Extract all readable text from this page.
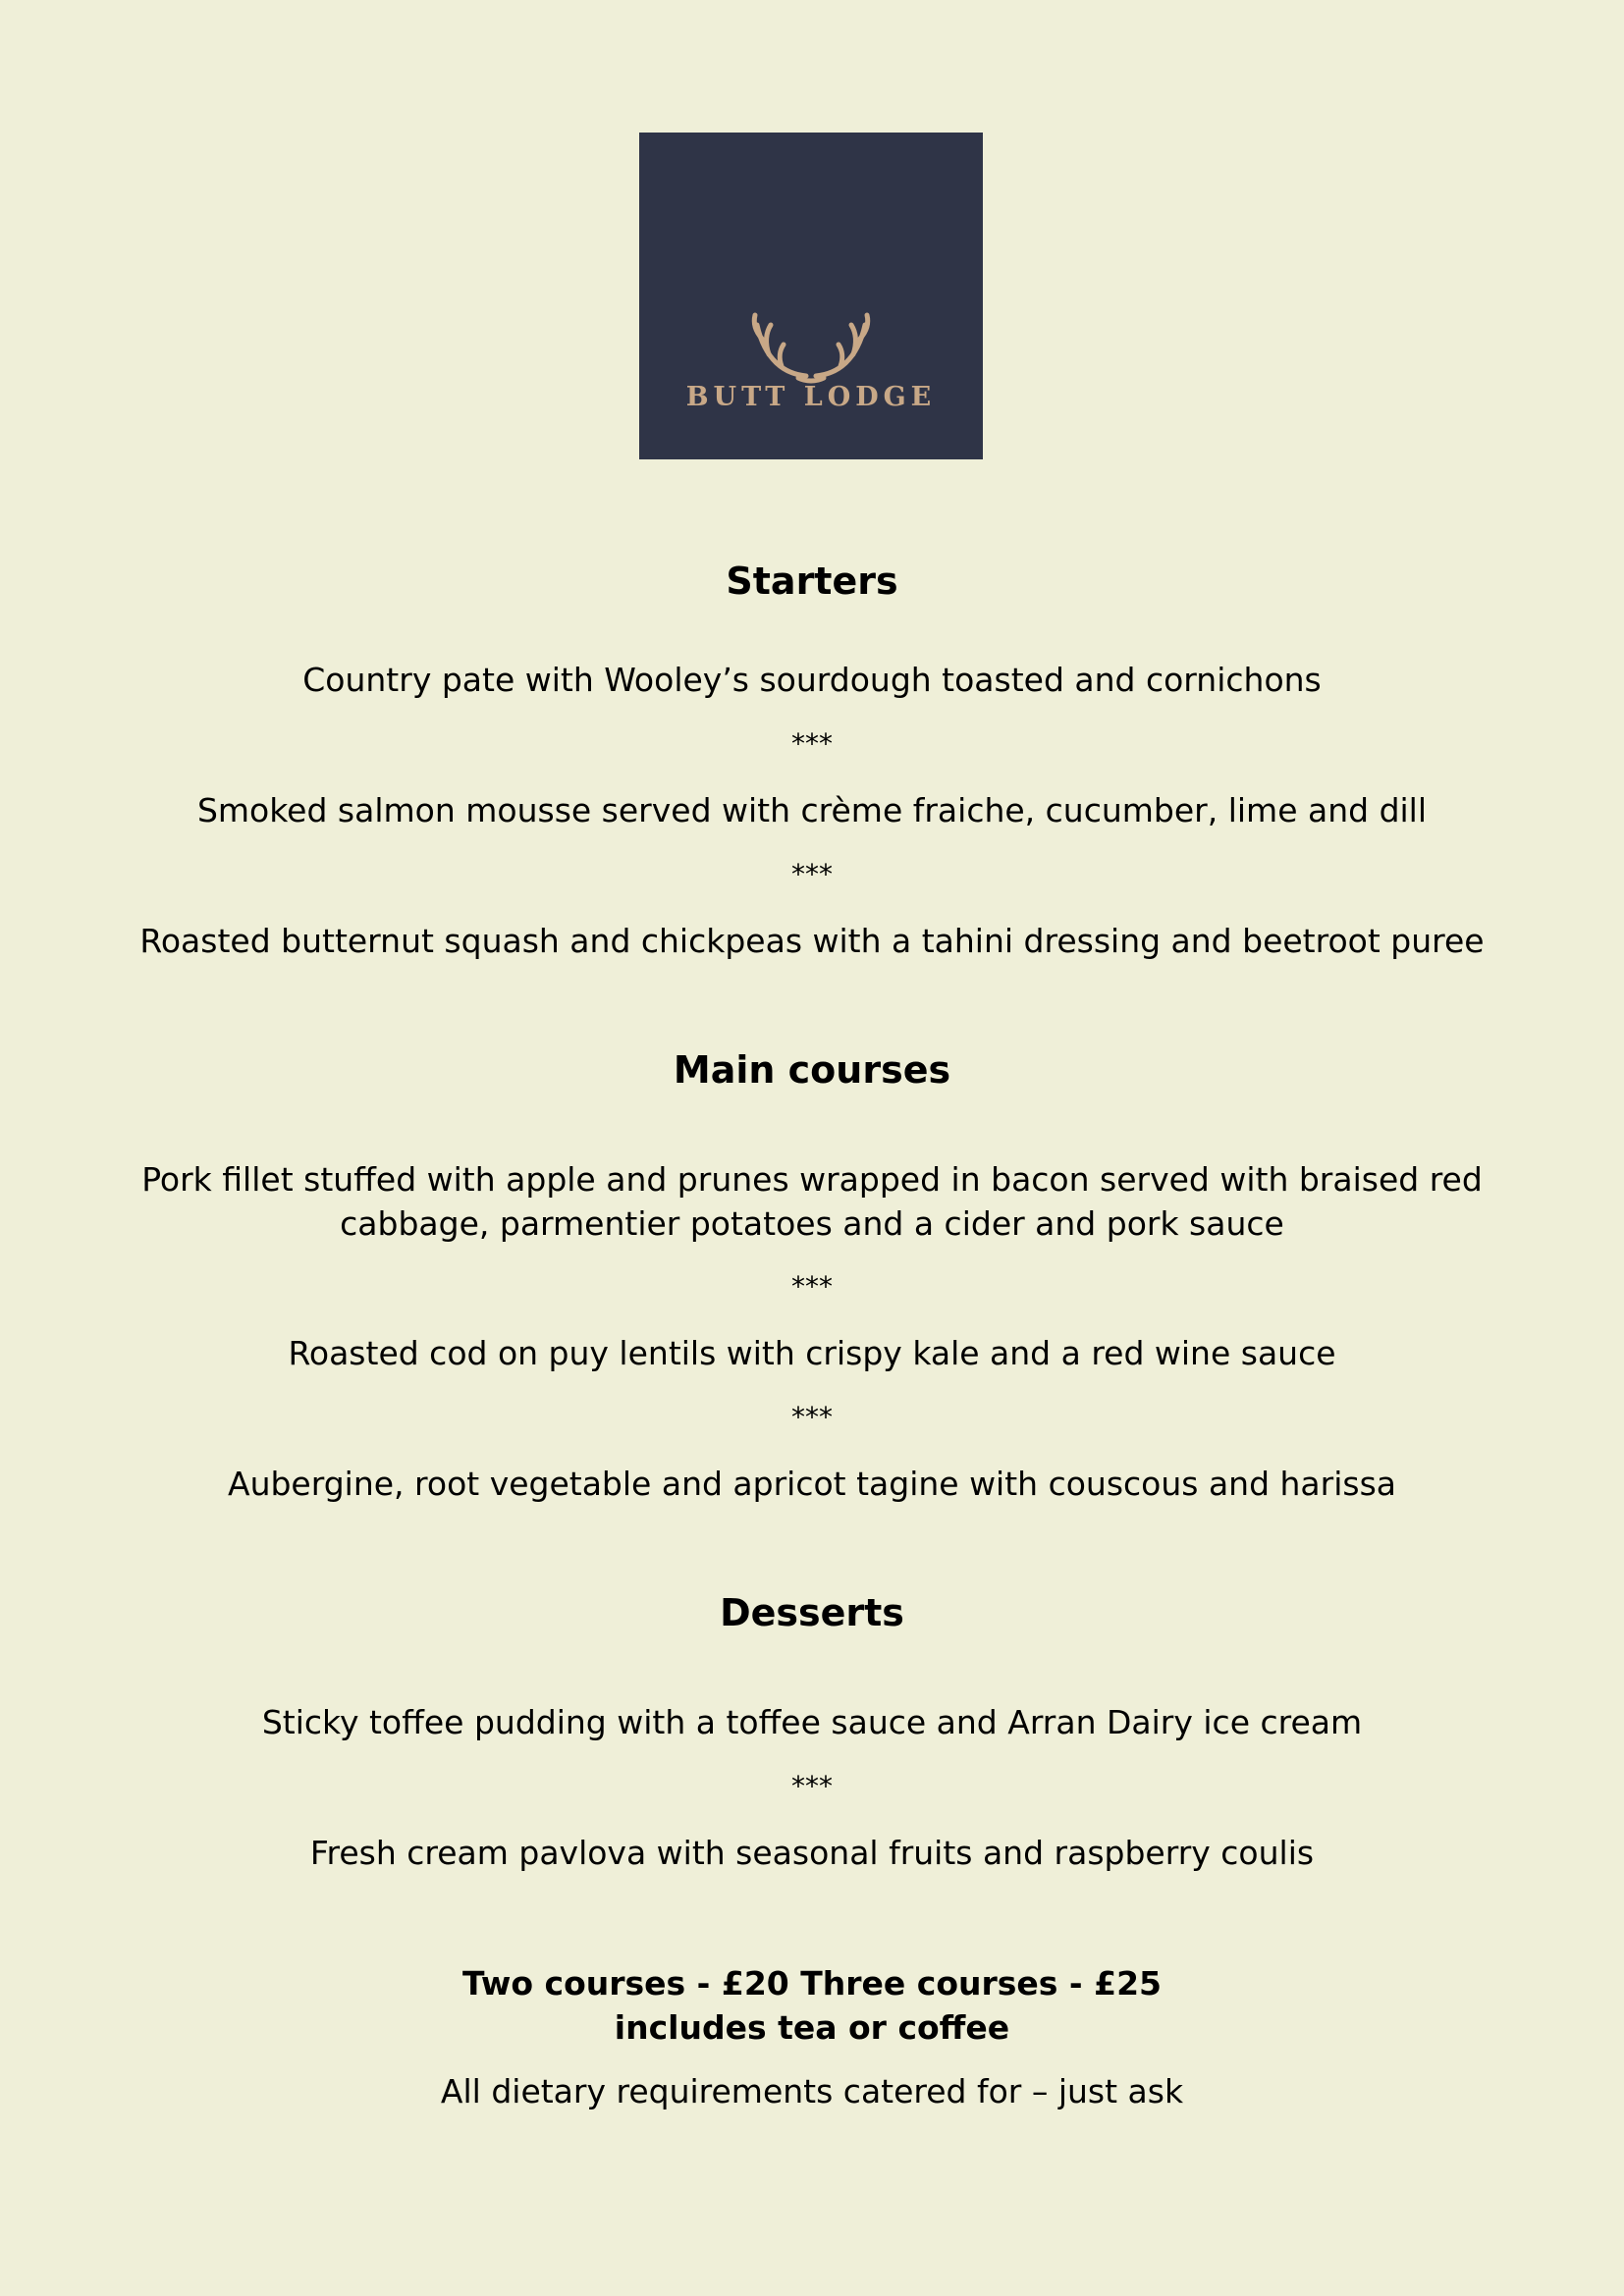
BUTT LODGE
Starters
Country pate with Wooley’s sourdough toasted and cornichons
***
Smoked salmon mousse served with crème fraiche, cucumber, lime and dill
***
Roasted butternut squash and chickpeas with a tahini dressing and beetroot puree
Main courses
Pork fillet stuffed with apple and prunes wrapped in bacon served with braised red
cabbage, parmentier potatoes and a cider and pork sauce
***
Roasted cod on puy lentils with crispy kale and a red wine sauce
***
Aubergine, root vegetable and apricot tagine with couscous and harissa
Desserts
Sticky toffee pudding with a toffee sauce and Arran Dairy ice cream
***
Fresh cream pavlova with seasonal fruits and raspberry coulis
Two courses - £20 Three courses - £25
includes tea or coffee
All dietary requirements catered for – just ask
